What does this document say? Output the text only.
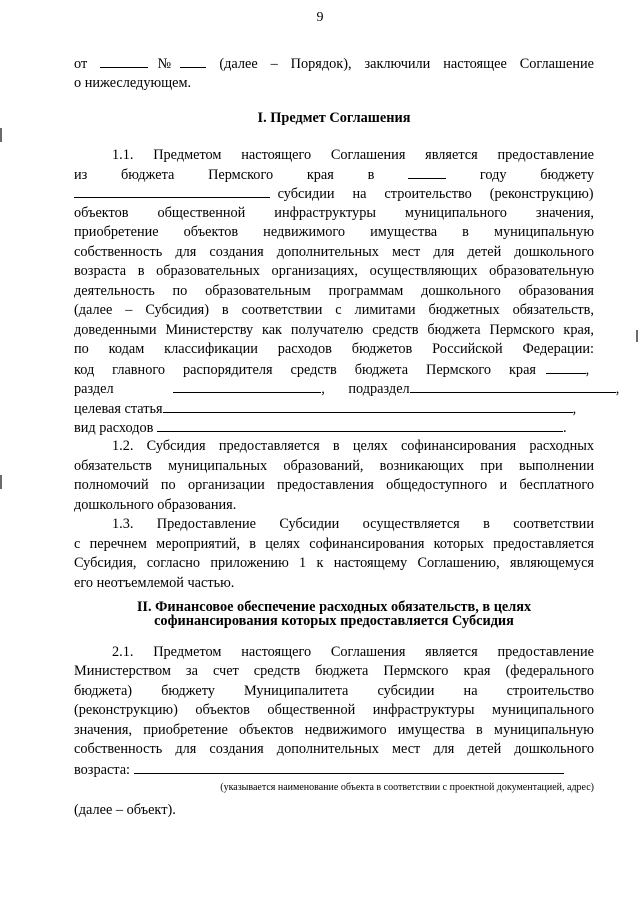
9
от	№	(далее – Порядок), заключили настоящее Соглашение
о нижеследующем.
I. Предмет Соглашения
1.1. Предметом настоящего Соглашения является предоставление
из бюджета Пермского края в	году бюджету
субсидии на строительство (реконструкцию)
объектов общественной инфраструктуры муниципального значения,
приобретение объектов недвижимого имущества в муниципальную
собственность для создания дополнительных мест для детей дошкольного
возраста в образовательных организациях, осуществляющих образовательную
деятельность по образовательным программам дошкольного образования
(далее – Субсидия) в соответствии с лимитами бюджетных обязательств,
доведенными Министерству как получателю средств бюджета Пермского края,
по кодам классификации расходов бюджетов Российской Федерации:
код главного распорядителя средств бюджета Пермского края	,
раздел	, подраздел	,
целевая статья	,
вид расходов	.
1.2. Субсидия предоставляется в целях софинансирования расходных
обязательств муниципальных образований, возникающих при выполнении
полномочий по организации предоставления общедоступного и бесплатного
дошкольного образования.
1.3. Предоставление Субсидии осуществляется в соответствии
с перечнем мероприятий, в целях софинансирования которых предоставляется
Субсидия, согласно приложению 1 к настоящему Соглашению, являющемуся
его неотъемлемой частью.
II. Финансовое обеспечение расходных обязательств, в целях
софинансирования которых предоставляется Субсидия
2.1. Предметом настоящего Соглашения является предоставление
Министерством за счет средств бюджета Пермского края (федерального
бюджета) бюджету Муниципалитета субсидии на строительство
(реконструкцию) объектов общественной инфраструктуры муниципального
значения, приобретение объектов недвижимого имущества в муниципальную
собственность для создания дополнительных мест для детей дошкольного
возраста:
(указывается наименование объекта в соответствии с проектной документацией, адрес)
(далее – объект).
